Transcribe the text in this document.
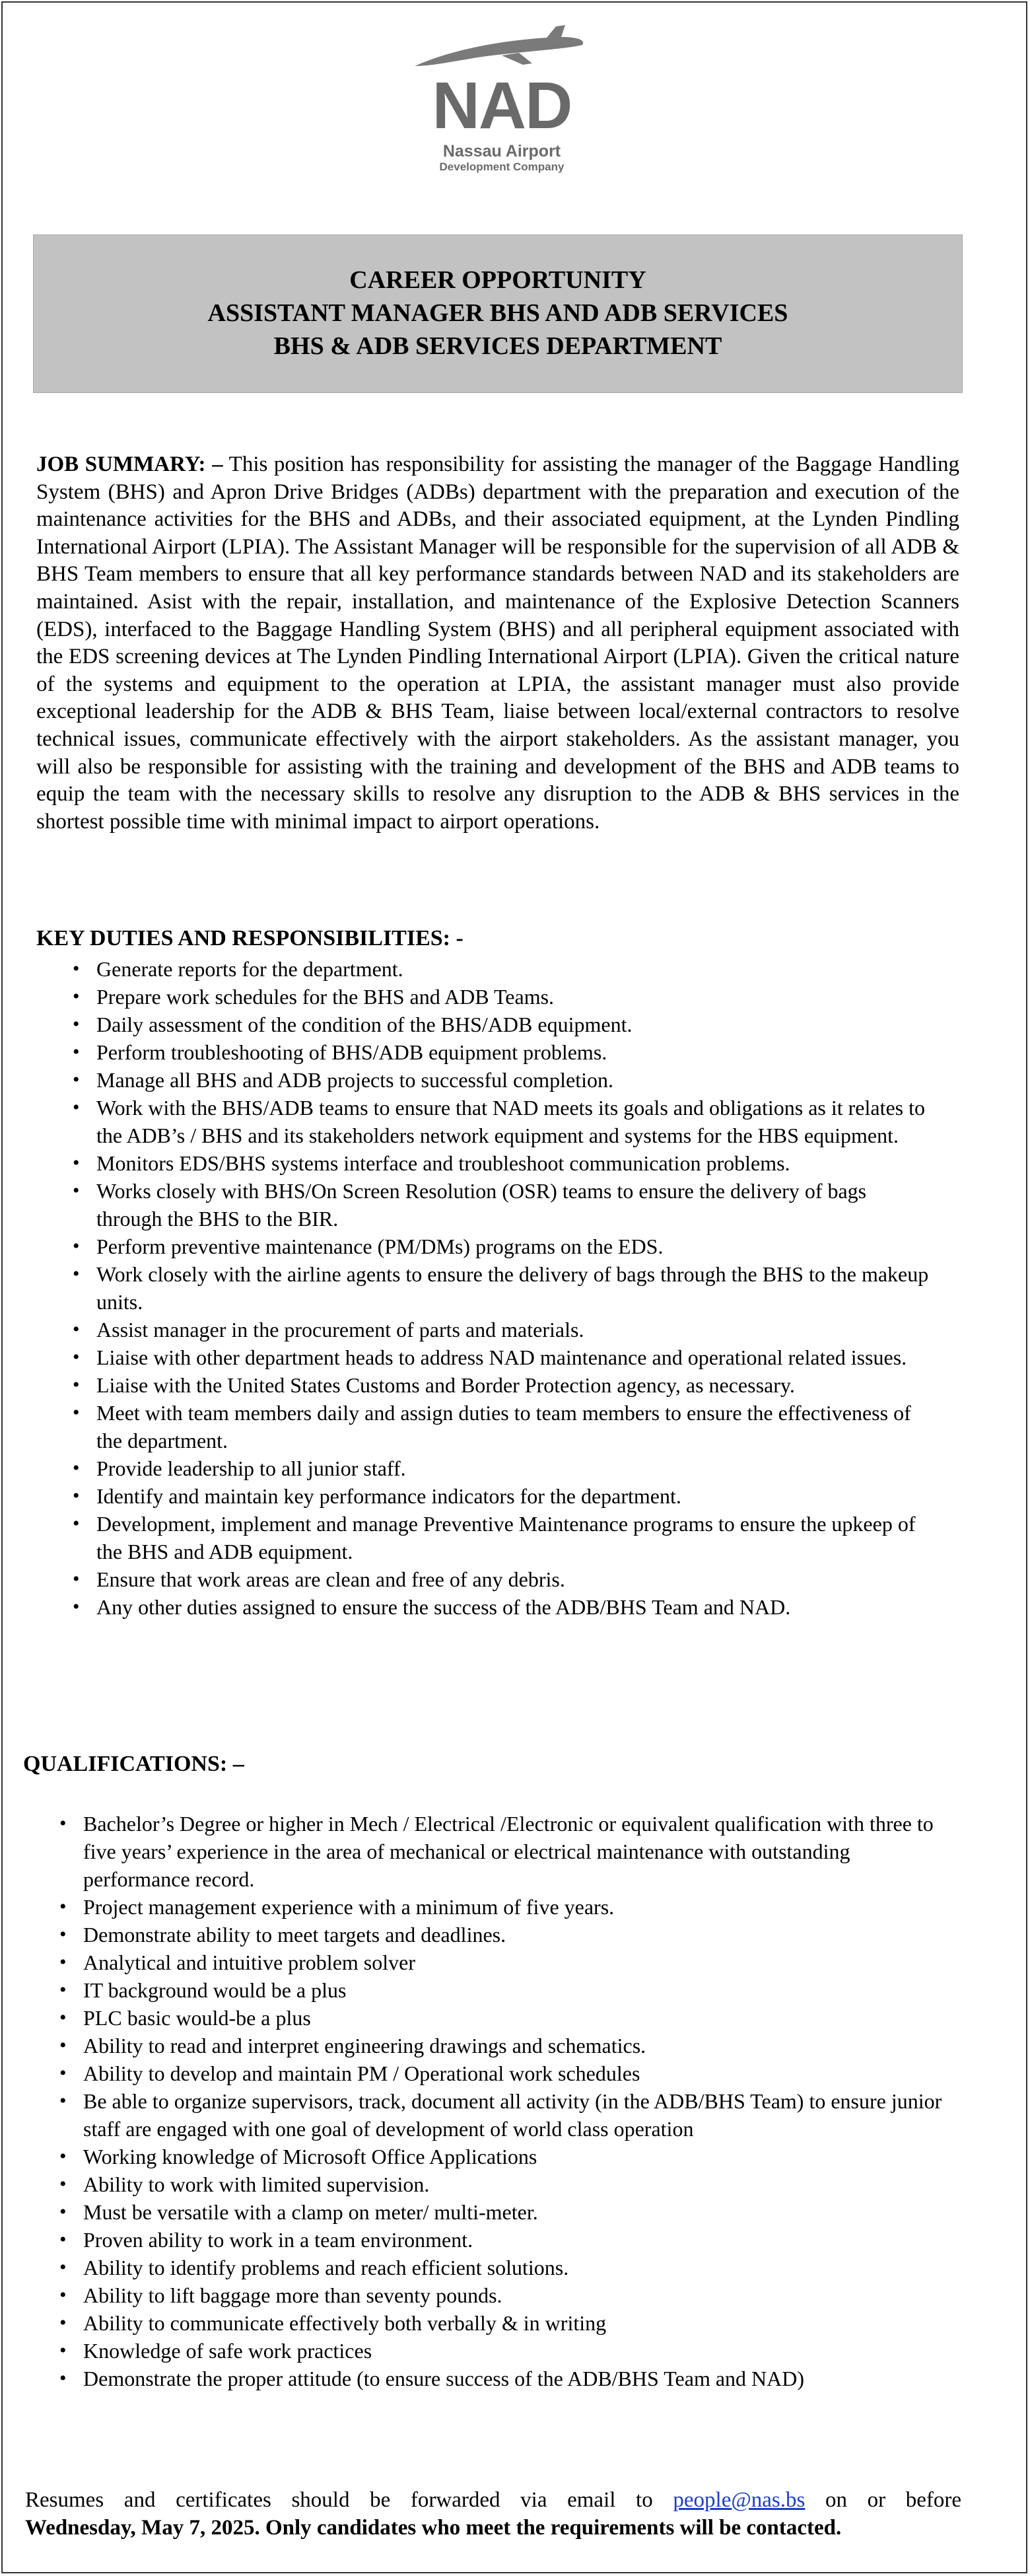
NAD
Nassau Airport
Development Company
CAREER OPPORTUNITY
ASSISTANT MANAGER BHS AND ADB SERVICES
BHS & ADB SERVICES DEPARTMENT

JOB SUMMARY: – This position has responsibility for assisting the manager of the Baggage Handling System (BHS) and Apron Drive Bridges (ADBs) department with the preparation and execution of the maintenance activities for the BHS and ADBs, and their associated equipment, at the Lynden Pindling International Airport (LPIA). The Assistant Manager will be responsible for the supervision of all ADB & BHS Team members to ensure that all key performance standards between NAD and its stakeholders are maintained. Asist with the repair, installation, and maintenance of the Explosive Detection Scanners (EDS), interfaced to the Baggage Handling System (BHS) and all peripheral equipment associated with the EDS screening devices at The Lynden Pindling International Airport (LPIA). Given the critical nature of the systems and equipment to the operation at LPIA, the assistant manager must also provide exceptional leadership for the ADB & BHS Team, liaise between local/external contractors to resolve technical issues, communicate effectively with the airport stakeholders. As the assistant manager, you will also be responsible for assisting with the training and development of the BHS and ADB teams to equip the team with the necessary skills to resolve any disruption to the ADB & BHS services in the shortest possible time with minimal impact to airport operations.

KEY DUTIES AND RESPONSIBILITIES: -
• Generate reports for the department.
• Prepare work schedules for the BHS and ADB Teams.
• Daily assessment of the condition of the BHS/ADB equipment.
• Perform troubleshooting of BHS/ADB equipment problems.
• Manage all BHS and ADB projects to successful completion.
• Work with the BHS/ADB teams to ensure that NAD meets its goals and obligations as it relates to the ADB’s / BHS and its stakeholders network equipment and systems for the HBS equipment.
• Monitors EDS/BHS systems interface and troubleshoot communication problems.
• Works closely with BHS/On Screen Resolution (OSR) teams to ensure the delivery of bags through the BHS to the BIR.
• Perform preventive maintenance (PM/DMs) programs on the EDS.
• Work closely with the airline agents to ensure the delivery of bags through the BHS to the makeup units.
• Assist manager in the procurement of parts and materials.
• Liaise with other department heads to address NAD maintenance and operational related issues.
• Liaise with the United States Customs and Border Protection agency, as necessary.
• Meet with team members daily and assign duties to team members to ensure the effectiveness of the department.
• Provide leadership to all junior staff.
• Identify and maintain key performance indicators for the department.
• Development, implement and manage Preventive Maintenance programs to ensure the upkeep of the BHS and ADB equipment.
• Ensure that work areas are clean and free of any debris.
• Any other duties assigned to ensure the success of the ADB/BHS Team and NAD.
QUALIFICATIONS: –
• Bachelor’s Degree or higher in Mech / Electrical /Electronic or equivalent qualification with three to five years’ experience in the area of mechanical or electrical maintenance with outstanding performance record.
• Project management experience with a minimum of five years.
• Demonstrate ability to meet targets and deadlines.
• Analytical and intuitive problem solver
• IT background would be a plus
• PLC basic would-be a plus
• Ability to read and interpret engineering drawings and schematics.
• Ability to develop and maintain PM / Operational work schedules
• Be able to organize supervisors, track, document all activity (in the ADB/BHS Team) to ensure junior staff are engaged with one goal of development of world class operation
• Working knowledge of Microsoft Office Applications
• Ability to work with limited supervision.
• Must be versatile with a clamp on meter/ multi-meter.
• Proven ability to work in a team environment.
• Ability to identify problems and reach efficient solutions.
• Ability to lift baggage more than seventy pounds.
• Ability to communicate effectively both verbally & in writing
• Knowledge of safe work practices
• Demonstrate the proper attitude (to ensure success of the ADB/BHS Team and NAD)

Resumes and certificates should be forwarded via email to people@nas.bs on or before

Wednesday, May 7, 2025. Only candidates who meet the requirements will be contacted.
